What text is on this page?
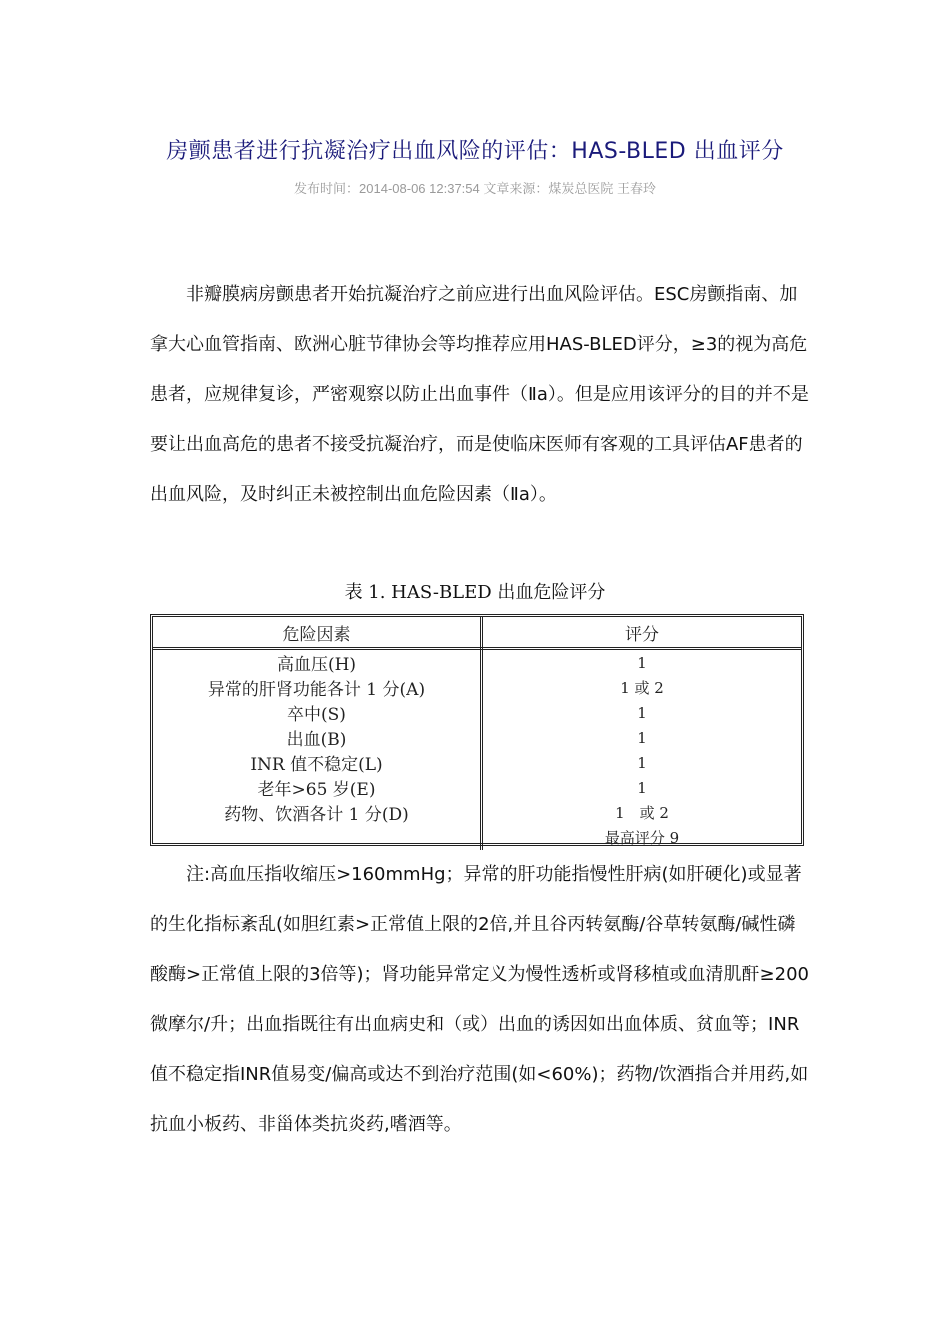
房颤患者进行抗凝治疗出血风险的评估：HAS-BLED 出血评分
发布时间：2014-08-06 12:37:54 文章来源：煤炭总医院 王春玲

非瓣膜病房颤患者开始抗凝治疗之前应进行出血风险评估。ESC房颤指南、加拿大心血管指南、欧洲心脏节律协会等均推荐应用HAS-BLED评分，≥3的视为高危患者，应规律复诊，严密观察以防止出血事件（Ⅱa）。但是应用该评分的目的并不是要让出血高危的患者不接受抗凝治疗，而是使临床医师有客观的工具评估AF患者的出血风险，及时纠正未被控制出血危险因素（Ⅱa）。

表 1. HAS-BLED 出血危险评分
危险因素	评分
高血压(H)	1
异常的肝肾功能各计 1 分(A)	1 或 2
卒中(S)	1
出血(B)	1
INR 值不稳定(L)	1
老年>65 岁(E)	1
药物、饮酒各计 1 分(D)	1　或 2
	最高评分 9

注:高血压指收缩压>160mmHg；异常的肝功能指慢性肝病(如肝硬化)或显著的生化指标紊乱(如胆红素>正常值上限的2倍,并且谷丙转氨酶/谷草转氨酶/碱性磷酸酶>正常值上限的3倍等)；肾功能异常定义为慢性透析或肾移植或血清肌酐≥200微摩尔/升；出血指既往有出血病史和（或）出血的诱因如出血体质、贫血等；INR值不稳定指INR值易变/偏高或达不到治疗范围(如<60%)；药物/饮酒指合并用药,如抗血小板药、非甾体类抗炎药,嗜酒等。
